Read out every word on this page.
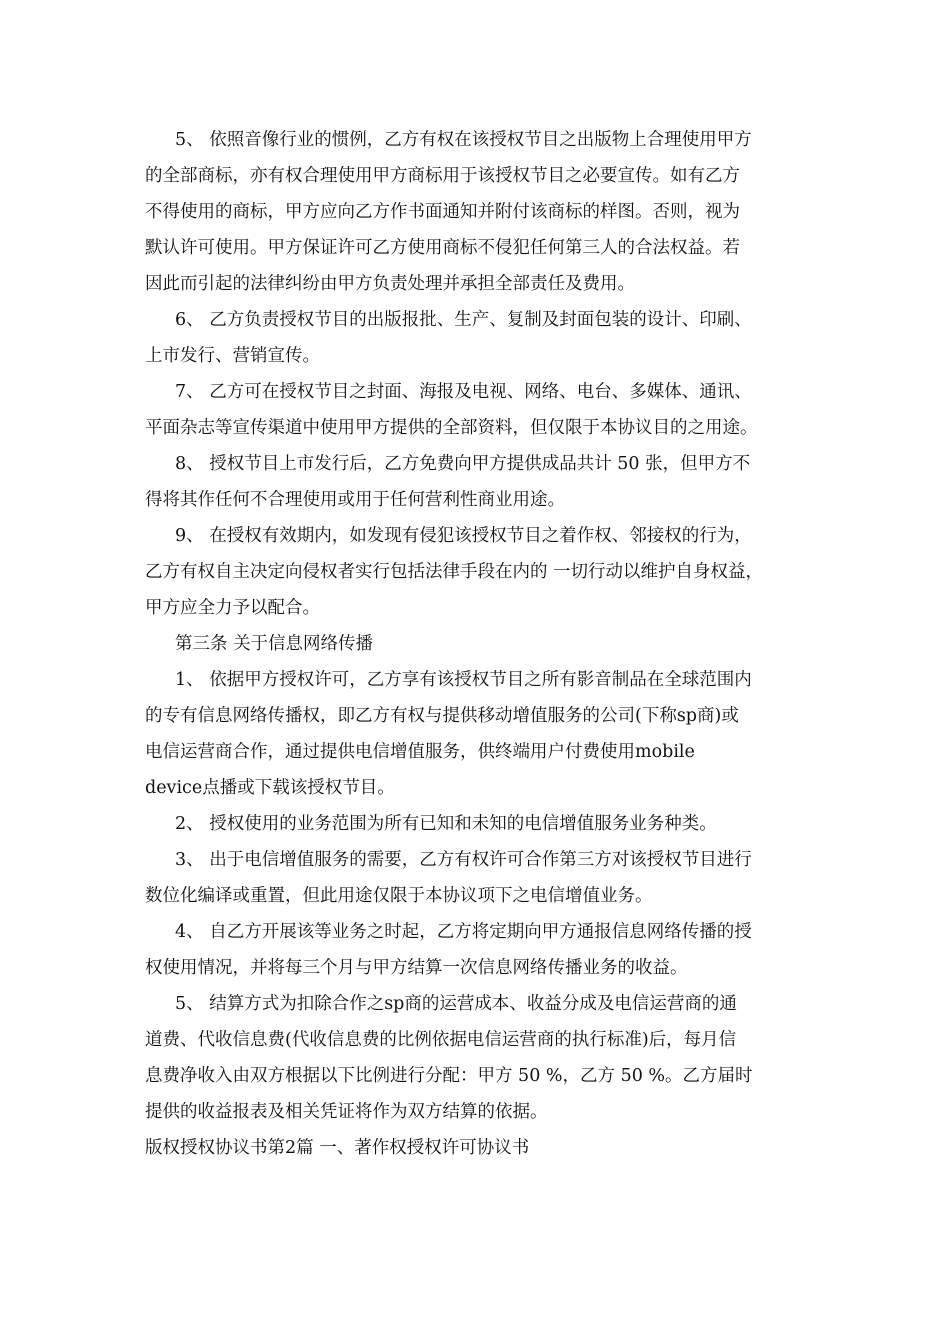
5、 依照音像行业的惯例，乙方有权在该授权节目之出版物上合理使用甲方
的全部商标，亦有权合理使用甲方商标用于该授权节目之必要宣传。如有乙方
不得使用的商标，甲方应向乙方作书面通知并附付该商标的样图。否则，视为
默认许可使用。甲方保证许可乙方使用商标不侵犯任何第三人的合法权益。若
因此而引起的法律纠纷由甲方负责处理并承担全部责任及费用。
6、 乙方负责授权节目的出版报批、生产、复制及封面包装的设计、印刷、
上市发行、营销宣传。
7、 乙方可在授权节目之封面、海报及电视、网络、电台、多媒体、通讯、
平面杂志等宣传渠道中使用甲方提供的全部资料，但仅限于本协议目的之用途。
8、 授权节目上市发行后，乙方免费向甲方提供成品共计 50 张，但甲方不
得将其作任何不合理使用或用于任何营利性商业用途。
9、 在授权有效期内，如发现有侵犯该授权节目之着作权、邻接权的行为，
乙方有权自主决定向侵权者实行包括法律手段在内的 一切行动以维护自身权益，
甲方应全力予以配合。
第三条 关于信息网络传播
1、 依据甲方授权许可，乙方享有该授权节目之所有影音制品在全球范围内
的专有信息网络传播权，即乙方有权与提供移动增值服务的公司(下称sp商)或
电信运营商合作，通过提供电信增值服务，供终端用户付费使用mobile
device点播或下载该授权节目。
2、 授权使用的业务范围为所有已知和未知的电信增值服务业务种类。
3、 出于电信增值服务的需要，乙方有权许可合作第三方对该授权节目进行
数位化编译或重置，但此用途仅限于本协议项下之电信增值业务。
4、 自乙方开展该等业务之时起，乙方将定期向甲方通报信息网络传播的授
权使用情况，并将每三个月与甲方结算一次信息网络传播业务的收益。
5、 结算方式为扣除合作之sp商的运营成本、收益分成及电信运营商的通
道费、代收信息费(代收信息费的比例依据电信运营商的执行标准)后，每月信
息费净收入由双方根据以下比例进行分配：甲方 50 %，乙方 50 %。乙方届时
提供的收益报表及相关凭证将作为双方结算的依据。
版权授权协议书第2篇 一、著作权授权许可协议书
